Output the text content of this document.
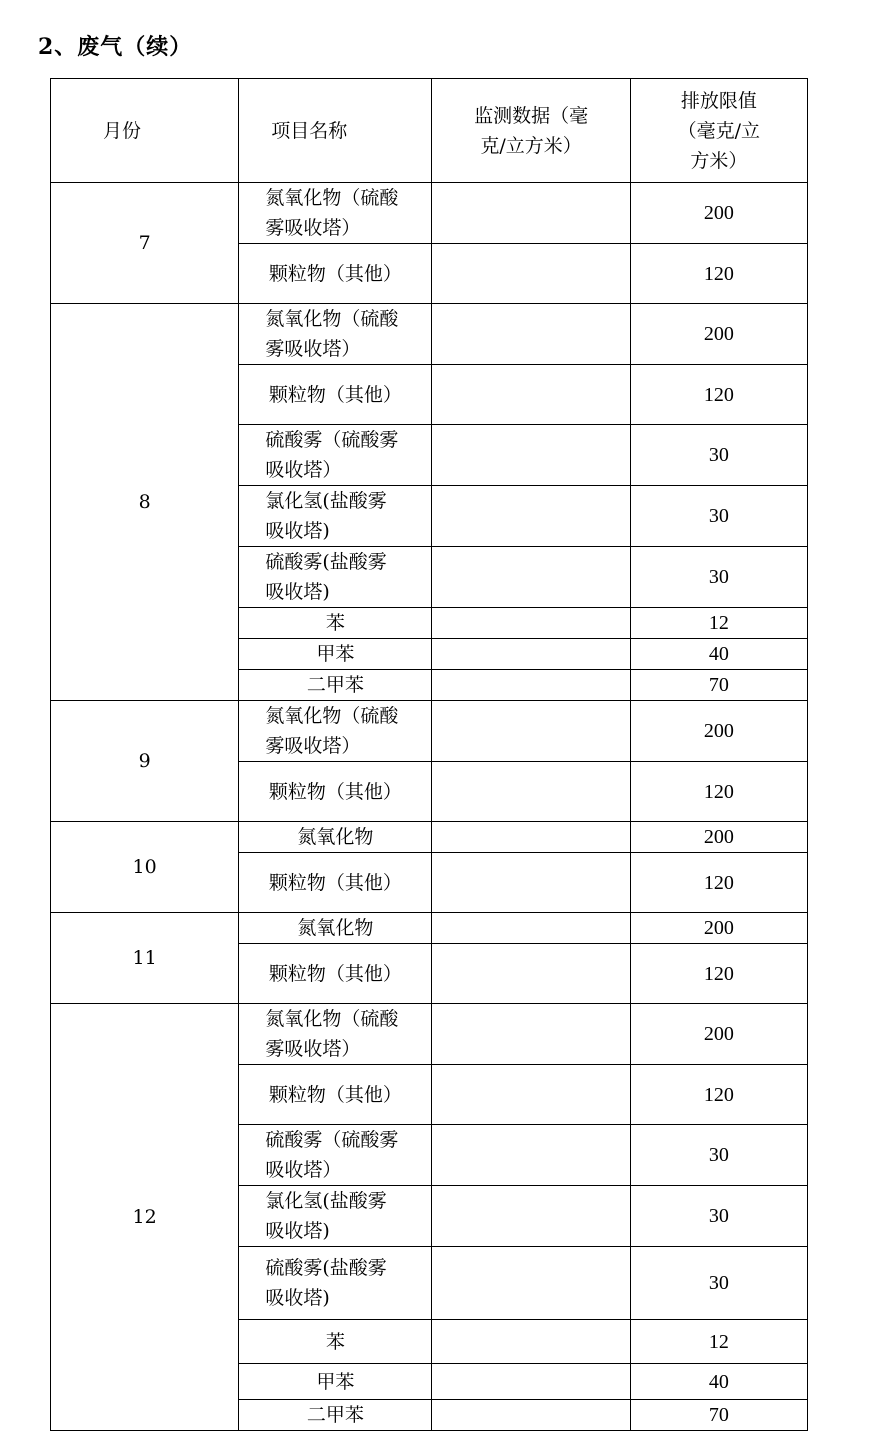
2、废气（续）
月份	项目名称	监测数据（毫克/立方米）	排放限值（毫克/立方米）
7	氮氧化物（硫酸雾吸收塔）		200
	颗粒物（其他）		120
8	氮氧化物（硫酸雾吸收塔）		200
	颗粒物（其他）		120
	硫酸雾（硫酸雾吸收塔）		30
	氯化氢(盐酸雾吸收塔)		30
	硫酸雾(盐酸雾吸收塔)		30
	苯		12
	甲苯		40
	二甲苯		70
9	氮氧化物（硫酸雾吸收塔）		200
	颗粒物（其他）		120
10	氮氧化物		200
	颗粒物（其他）		120
11	氮氧化物		200
	颗粒物（其他）		120
12	氮氧化物（硫酸雾吸收塔）		200
	颗粒物（其他）		120
	硫酸雾（硫酸雾吸收塔）		30
	氯化氢(盐酸雾吸收塔)		30
	硫酸雾(盐酸雾吸收塔)		30
	苯		12
	甲苯		40
	二甲苯		70
